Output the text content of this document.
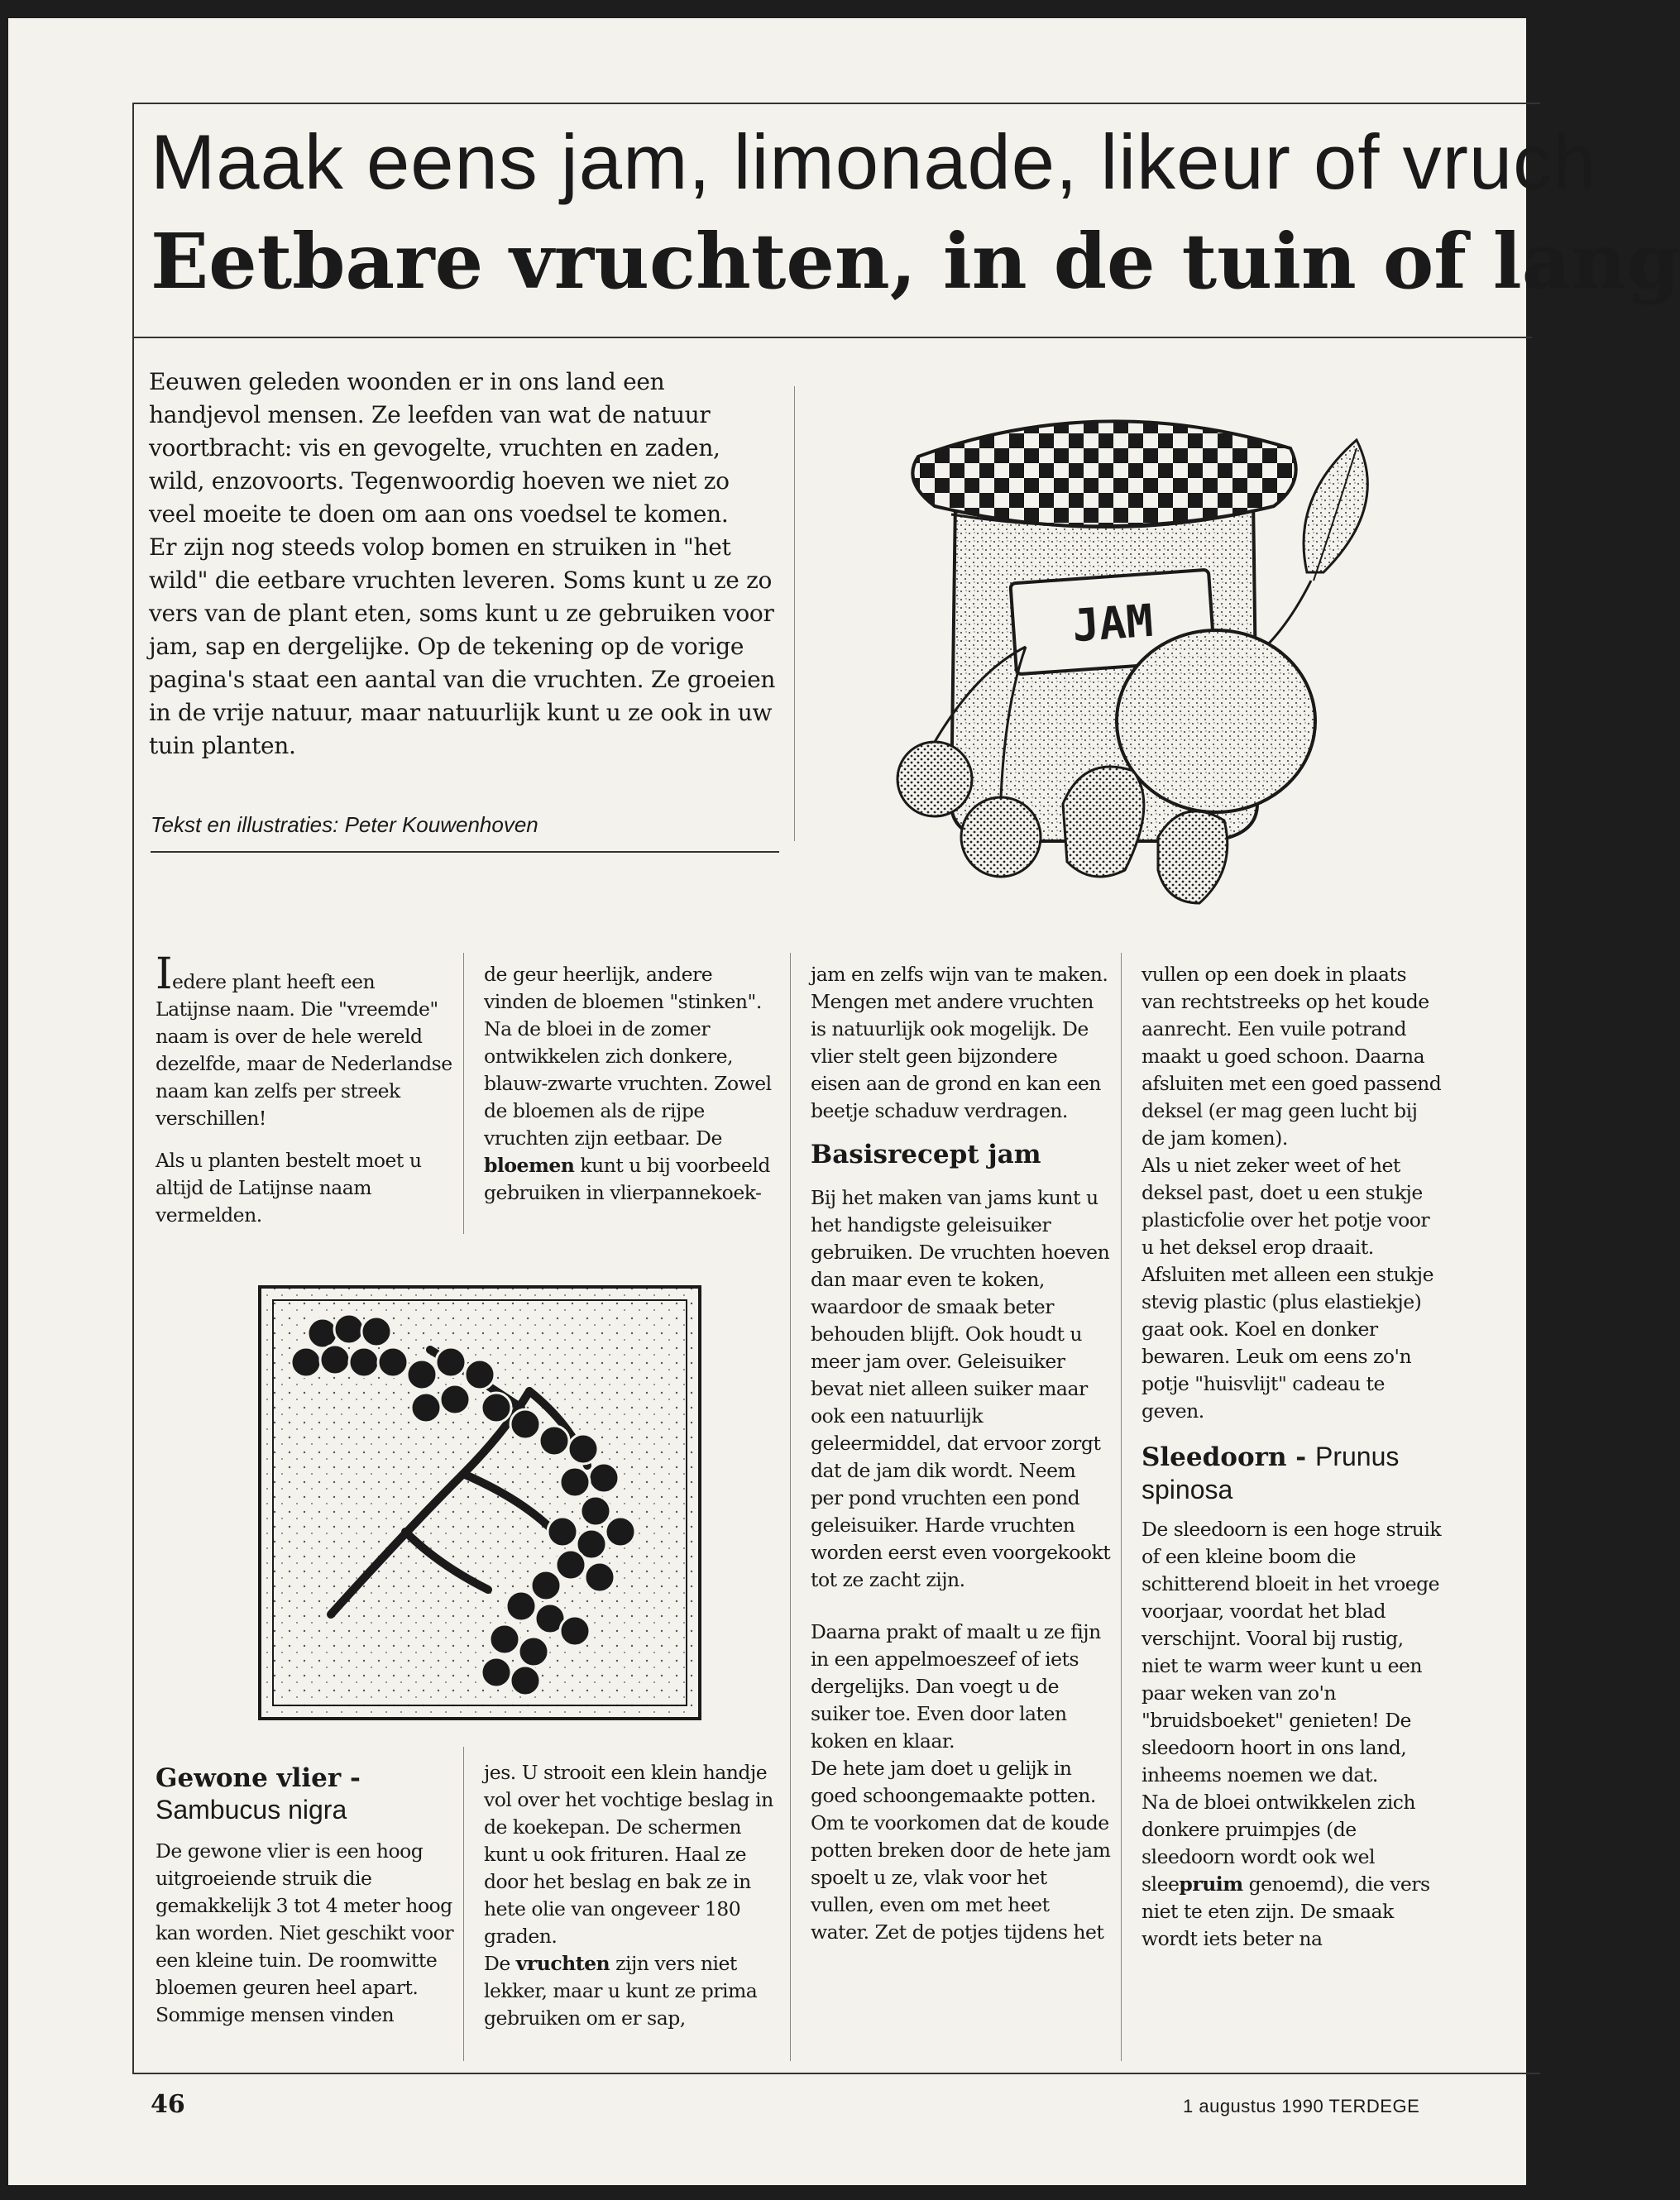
Maak eens jam, limonade, likeur of vruch
Eetbare vruchten, in de tuin of lang

Eeuwen geleden woonden er in ons land een handjevol mensen. Ze leefden van wat de natuur voortbracht: vis en gevogelte, vruchten en zaden, wild, enzovoorts. Tegenwoordig hoeven we niet zo veel moeite te doen om aan ons voedsel te komen.

Er zijn nog steeds volop bomen en struiken in "het wild" die eetbare vruchten leveren. Soms kunt u ze zo vers van de plant eten, soms kunt u ze gebruiken voor jam, sap en dergelijke. Op de tekening op de vorige pagina's staat een aantal van die vruchten. Ze groeien in de vrije natuur, maar natuurlijk kunt u ze ook in uw tuin planten.

Tekst en illustraties: Peter Kouwenhoven

JAM

Iedere plant heeft een Latijnse naam. Die "vreemde" naam is over de hele wereld dezelfde, maar de Nederlandse naam kan zelfs per streek verschillen!

Als u planten bestelt moet u altijd de Latijnse naam vermelden.

de geur heerlijk, andere vinden de bloemen "stinken". Na de bloei in de zomer ontwikkelen zich donkere, blauw-zwarte vruchten. Zowel de bloemen als de rijpe vruchten zijn eetbaar. De bloemen kunt u bij voorbeeld gebruiken in vlierpannekoek-

Gewone vlier -
Sambucus nigra

De gewone vlier is een hoog uitgroeiende struik die gemakkelijk 3 tot 4 meter hoog kan worden. Niet geschikt voor een kleine tuin. De roomwitte bloemen geuren heel apart. Sommige mensen vinden

jes. U strooit een klein handje vol over het vochtige beslag in de koekepan. De schermen kunt u ook frituren. Haal ze door het beslag en bak ze in hete olie van ongeveer 180 graden.

De vruchten zijn vers niet lekker, maar u kunt ze prima gebruiken om er sap,

jam en zelfs wijn van te maken. Mengen met andere vruchten is natuurlijk ook mogelijk. De vlier stelt geen bijzondere eisen aan de grond en kan een beetje schaduw verdragen.

Basisrecept jam

Bij het maken van jams kunt u het handigste geleisuiker gebruiken. De vruchten hoeven dan maar even te koken, waardoor de smaak beter behouden blijft. Ook houdt u meer jam over. Geleisuiker bevat niet alleen suiker maar ook een natuurlijk geleermiddel, dat ervoor zorgt dat de jam dik wordt. Neem per pond vruchten een pond geleisuiker. Harde vruchten worden eerst even voorgekookt tot ze zacht zijn.

Daarna prakt of maalt u ze fijn in een appelmoeszeef of iets dergelijks. Dan voegt u de suiker toe. Even door laten koken en klaar.

De hete jam doet u gelijk in goed schoongemaakte potten. Om te voorkomen dat de koude potten breken door de hete jam spoelt u ze, vlak voor het vullen, even om met heet water. Zet de potjes tijdens het

vullen op een doek in plaats van rechtstreeks op het koude aanrecht. Een vuile potrand maakt u goed schoon. Daarna afsluiten met een goed passend deksel (er mag geen lucht bij de jam komen).

Als u niet zeker weet of het deksel past, doet u een stukje plasticfolie over het potje voor u het deksel erop draait. Afsluiten met alleen een stukje stevig plastic (plus elastiekje) gaat ook. Koel en donker bewaren. Leuk om eens zo'n potje "huisvlijt" cadeau te geven.

Sleedoorn - Prunus spinosa

De sleedoorn is een hoge struik of een kleine boom die schitterend bloeit in het vroege voorjaar, voordat het blad verschijnt. Vooral bij rustig, niet te warm weer kunt u een paar weken van zo'n "bruidsboeket" genieten! De sleedoorn hoort in ons land, inheems noemen we dat.

Na de bloei ontwikkelen zich donkere pruimpjes (de sleedoorn wordt ook wel sleepruim genoemd), die vers niet te eten zijn. De smaak wordt iets beter na

46	1 augustus 1990 TERDEGE
